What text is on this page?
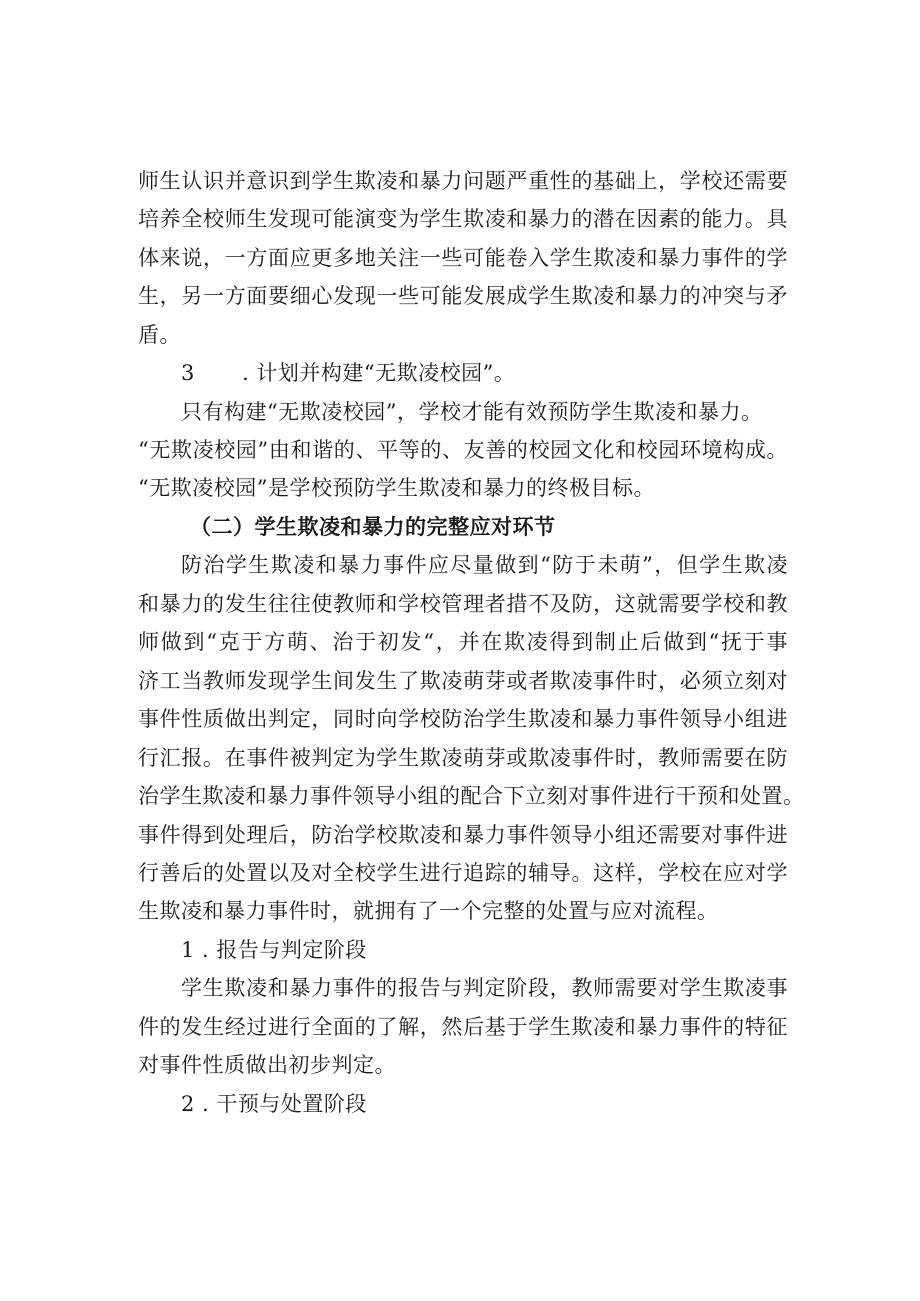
师生认识并意识到学生欺凌和暴力问题严重性的基础上，学校还需要
培养全校师生发现可能演变为学生欺凌和暴力的潜在因素的能力。具
体来说，一方面应更多地关注一些可能卷入学生欺凌和暴力事件的学
生，另一方面要细心发现一些可能发展成学生欺凌和暴力的冲突与矛
盾。
3 . 计划并构建“无欺凌校园”。
只有构建“无欺凌校园”，学校才能有效预防学生欺凌和暴力。
“无欺凌校园”由和谐的、平等的、友善的校园文化和校园环境构成。
“无欺凌校园”是学校预防学生欺凌和暴力的终极目标。
（二）学生欺凌和暴力的完整应对环节
防治学生欺凌和暴力事件应尽量做到“防于未萌”，但学生欺凌
和暴力的发生往往使教师和学校管理者措不及防，这就需要学校和教
师做到“克于方萌、治于初发“，并在欺凌得到制止后做到“抚于事
济工当教师发现学生间发生了欺凌萌芽或者欺凌事件时，必须立刻对
事件性质做出判定，同时向学校防治学生欺凌和暴力事件领导小组进
行汇报。在事件被判定为学生欺凌萌芽或欺凌事件时，教师需要在防
治学生欺凌和暴力事件领导小组的配合下立刻对事件进行干预和处置。
事件得到处理后，防治学校欺凌和暴力事件领导小组还需要对事件进
行善后的处置以及对全校学生进行追踪的辅导。这样，学校在应对学
生欺凌和暴力事件时，就拥有了一个完整的处置与应对流程。
1 . 报告与判定阶段
学生欺凌和暴力事件的报告与判定阶段，教师需要对学生欺凌事
件的发生经过进行全面的了解，然后基于学生欺凌和暴力事件的特征
对事件性质做出初步判定。
2 . 干预与处置阶段
